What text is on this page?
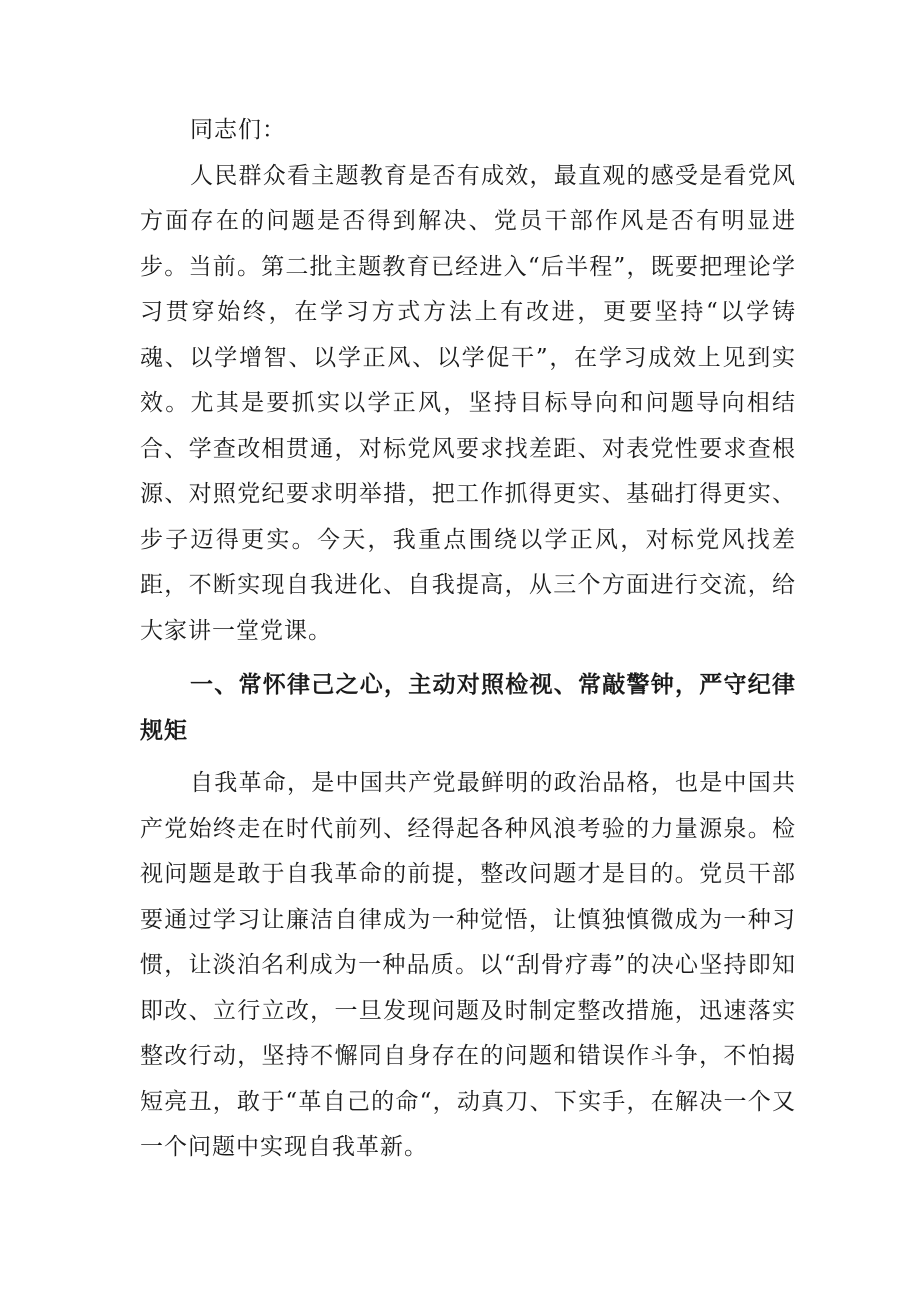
同志们：

人民群众看主题教育是否有成效，最直观的感受是看党风方面存在的问题是否得到解决、党员干部作风是否有明显进步。当前。第二批主题教育已经进入“后半程”，既要把理论学习贯穿始终，在学习方式方法上有改进，更要坚持“以学铸魂、以学增智、以学正风、以学促干”，在学习成效上见到实效。尤其是要抓实以学正风，坚持目标导向和问题导向相结合、学查改相贯通，对标党风要求找差距、对表党性要求查根源、对照党纪要求明举措，把工作抓得更实、基础打得更实、步子迈得更实。今天，我重点围绕以学正风，对标党风找差距，不断实现自我进化、自我提高，从三个方面进行交流，给大家讲一堂党课。

一、常怀律己之心，主动对照检视、常敲警钟，严守纪律规矩

自我革命，是中国共产党最鲜明的政治品格，也是中国共产党始终走在时代前列、经得起各种风浪考验的力量源泉。检视问题是敢于自我革命的前提，整改问题才是目的。党员干部要通过学习让廉洁自律成为一种觉悟，让慎独慎微成为一种习惯，让淡泊名利成为一种品质。以“刮骨疗毒”的决心坚持即知即改、立行立改，一旦发现问题及时制定整改措施，迅速落实整改行动，坚持不懈同自身存在的问题和错误作斗争，不怕揭短亮丑，敢于“革自己的命“，动真刀、下实手，在解决一个又一个问题中实现自我革新。
